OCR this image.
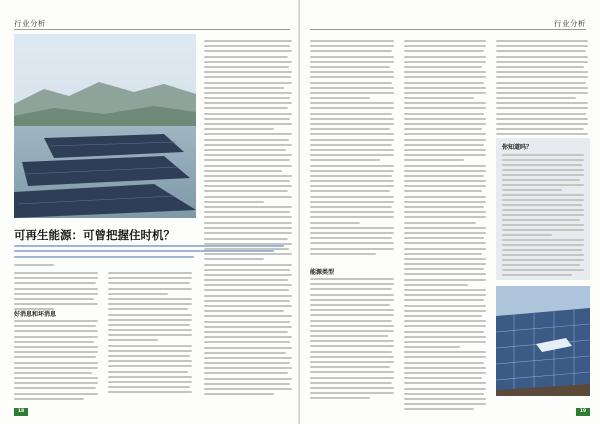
行业分析
可再生能源：可曾把握住时机？

好消息和坏消息
18
行业分析
能源类型
你知道吗？
19
